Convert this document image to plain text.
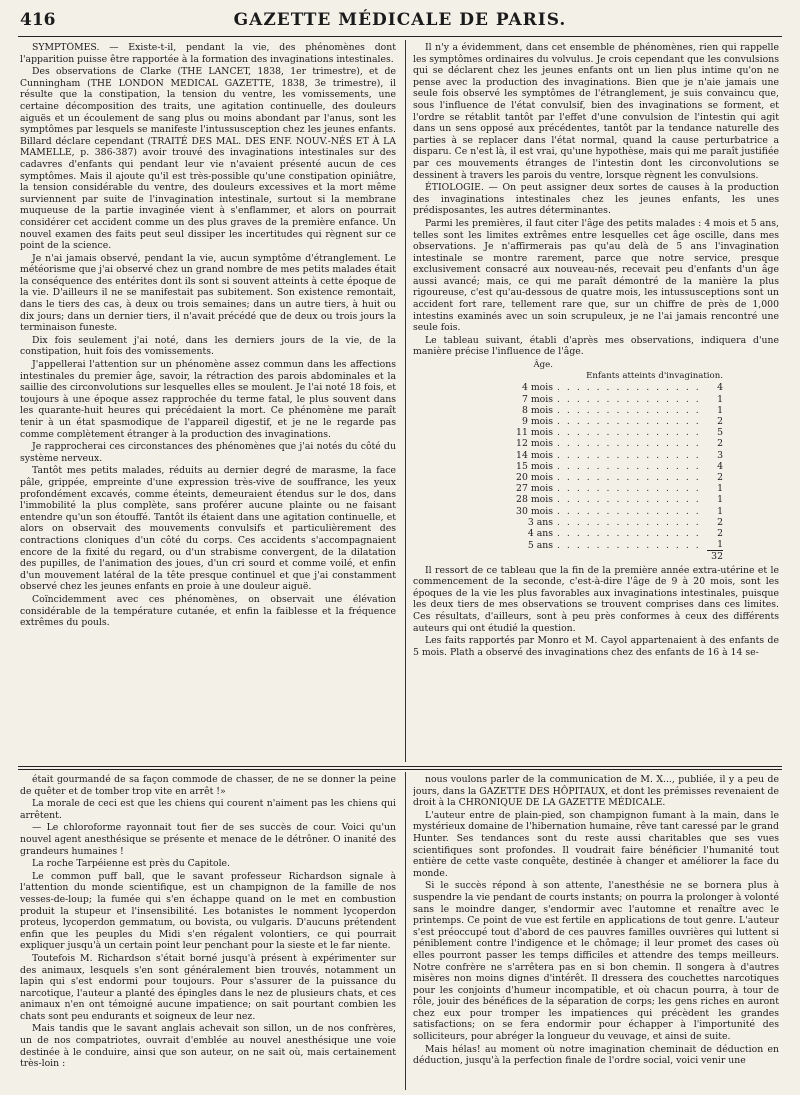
416	GAZETTE MÉDICALE DE PARIS.

SYMPTÔMES. — Existe-t-il, pendant la vie, des phénomènes dont l'apparition puisse être rapportée à la formation des invaginations intestinales.

Des observations de Clarke (THE LANCET, 1838, 1er trimestre), et de Cunningham (THE LONDON MEDICAL GAZETTE, 1838, 3e trimestre), il résulte que la constipation, la tension du ventre, les vomissements, une certaine décomposition des traits, une agitation continuelle, des douleurs aiguës et un écoulement de sang plus ou moins abondant par l'anus, sont les symptômes par lesquels se manifeste l'intussusception chez les jeunes enfants. Billard déclare cependant (TRAITÉ DES MAL. DES ENF. NOUV.-NÉS ET À LA MAMELLE, p. 386-387) avoir trouvé des invaginations intestinales sur des cadavres d'enfants qui pendant leur vie n'avaient présenté aucun de ces symptômes. Mais il ajoute qu'il est très-possible qu'une constipation opiniâtre, la tension considérable du ventre, des douleurs excessives et la mort même surviennent par suite de l'invagination intestinale, surtout si la membrane muqueuse de la partie invaginée vient à s'enflammer, et alors on pourrait considérer cet accident comme un des plus graves de la première enfance. Un nouvel examen des faits peut seul dissiper les incertitudes qui règnent sur ce point de la science.

Je n'ai jamais observé, pendant la vie, aucun symptôme d'étranglement. Le météorisme que j'ai observé chez un grand nombre de mes petits malades était la conséquence des entérites dont ils sont si souvent atteints à cette époque de la vie. D'ailleurs il ne se manifestait pas subitement. Son existence remontait, dans le tiers des cas, à deux ou trois semaines; dans un autre tiers, à huit ou dix jours; dans un dernier tiers, il n'avait précédé que de deux ou trois jours la terminaison funeste.

Dix fois seulement j'ai noté, dans les derniers jours de la vie, de la constipation, huit fois des vomissements.

J'appellerai l'attention sur un phénomène assez commun dans les affections intestinales du premier âge, savoir, la rétraction des parois abdominales et la saillie des circonvolutions sur lesquelles elles se moulent. Je l'ai noté 18 fois, et toujours à une époque assez rapprochée du terme fatal, le plus souvent dans les quarante-huit heures qui précédaient la mort. Ce phénomène me paraît tenir à un état spasmodique de l'appareil digestif, et je ne le regarde pas comme complètement étranger à la production des invaginations.

Je rapprocherai ces circonstances des phénomènes que j'ai notés du côté du système nerveux.

Tantôt mes petits malades, réduits au dernier degré de marasme, la face pâle, grippée, empreinte d'une expression très-vive de souffrance, les yeux profondément excavés, comme éteints, demeuraient étendus sur le dos, dans l'immobilité la plus complète, sans proférer aucune plainte ou ne faisant entendre qu'un son étouffé. Tantôt ils étaient dans une agitation continuelle, et alors on observait des mouvements convulsifs et particulièrement des contractions cloniques d'un côté du corps. Ces accidents s'accompagnaient encore de la fixité du regard, ou d'un strabisme convergent, de la dilatation des pupilles, de l'animation des joues, d'un cri sourd et comme voilé, et enfin d'un mouvement latéral de la tête presque continuel et que j'ai constamment observé chez les jeunes enfants en proie à une douleur aiguë.

Coïncidemment avec ces phénomènes, on observait une élévation considérable de la température cutanée, et enfin la faiblesse et la fréquence extrêmes du pouls.

Il n'y a évidemment, dans cet ensemble de phénomènes, rien qui rappelle les symptômes ordinaires du volvulus. Je crois cependant que les convulsions qui se déclarent chez les jeunes enfants ont un lien plus intime qu'on ne pense avec la production des invaginations. Bien que je n'aie jamais une seule fois observé les symptômes de l'étranglement, je suis convaincu que, sous l'influence de l'état convulsif, bien des invaginations se forment, et l'ordre se rétablit tantôt par l'effet d'une convulsion de l'intestin qui agit dans un sens opposé aux précédentes, tantôt par la tendance naturelle des parties à se replacer dans l'état normal, quand la cause perturbatrice a disparu. Ce n'est là, il est vrai, qu'une hypothèse, mais qui me paraît justifiée par ces mouvements étranges de l'intestin dont les circonvolutions se dessinent à travers les parois du ventre, lorsque règnent les convulsions.

ÉTIOLOGIE. — On peut assigner deux sortes de causes à la production des invaginations intestinales chez les jeunes enfants, les unes prédisposantes, les autres déterminantes.

Parmi les premières, il faut citer l'âge des petits malades : 4 mois et 5 ans, telles sont les limites extrêmes entre lesquelles cet âge oscille, dans mes observations. Je n'affirmerais pas qu'au delà de 5 ans l'invagination intestinale se montre rarement, parce que notre service, presque exclusivement consacré aux nouveau-nés, recevait peu d'enfants d'un âge aussi avancé; mais, ce qui me paraît démontré de la manière la plus rigoureuse, c'est qu'au-dessous de quatre mois, les intussusceptions sont un accident fort rare, tellement rare que, sur un chiffre de près de 1,000 intestins examinés avec un soin scrupuleux, je ne l'ai jamais rencontré une seule fois.

Le tableau suivant, établi d'après mes observations, indiquera d'une manière précise l'influence de l'âge.

Âge.		
	Enfants atteints d'invagination.	
4 mois	. . . . . . . . . . . . . . .	4
7 mois	. . . . . . . . . . . . . . .	1
8 mois	. . . . . . . . . . . . . . .	1
9 mois	. . . . . . . . . . . . . . .	2
11 mois	. . . . . . . . . . . . . . .	5
12 mois	. . . . . . . . . . . . . . .	2
14 mois	. . . . . . . . . . . . . . .	3
15 mois	. . . . . . . . . . . . . . .	4
20 mois	. . . . . . . . . . . . . . .	2
27 mois	. . . . . . . . . . . . . . .	1
28 mois	. . . . . . . . . . . . . . .	1
30 mois	. . . . . . . . . . . . . . .	1
3 ans	. . . . . . . . . . . . . . .	2
4 ans	. . . . . . . . . . . . . . .	2
5 ans	. . . . . . . . . . . . . . .	1
		32

Il ressort de ce tableau que la fin de la première année extra-utérine et le commencement de la seconde, c'est-à-dire l'âge de 9 à 20 mois, sont les époques de la vie les plus favorables aux invaginations intestinales, puisque les deux tiers de mes observations se trouvent comprises dans ces limites. Ces résultats, d'ailleurs, sont à peu près conformes à ceux des différents auteurs qui ont étudié la question.

Les faits rapportés par Monro et M. Cayol appartenaient à des enfants de 5 mois. Plath a observé des invaginations chez des enfants de 16 à 14 se-

était gourmandé de sa façon commode de chasser, de ne se donner la peine de quêter et de tomber trop vite en arrêt !»

La morale de ceci est que les chiens qui courent n'aiment pas les chiens qui arrêtent.

— Le chloroforme rayonnait tout fier de ses succès de cour. Voici qu'un nouvel agent anesthésique se présente et menace de le détrôner. O inanité des grandeurs humaines !

La roche Tarpéienne est près du Capitole.

Le common puff ball, que le savant professeur Richardson signale à l'attention du monde scientifique, est un champignon de la famille de nos vesses-de-loup; la fumée qui s'en échappe quand on le met en combustion produit la stupeur et l'insensibilité. Les botanistes le nomment lycoperdon proteus, lycoperdon gemmatum, ou bovista, ou vulgaris. D'aucuns prétendent enfin que les peuples du Midi s'en régalent volontiers, ce qui pourrait expliquer jusqu'à un certain point leur penchant pour la sieste et le far niente.

Toutefois M. Richardson s'était borné jusqu'à présent à expérimenter sur des animaux, lesquels s'en sont généralement bien trouvés, notamment un lapin qui s'est endormi pour toujours. Pour s'assurer de la puissance du narcotique, l'auteur a planté des épingles dans le nez de plusieurs chats, et ces animaux n'en ont témoigné aucune impatience; on sait pourtant combien les chats sont peu endurants et soigneux de leur nez.

Mais tandis que le savant anglais achevait son sillon, un de nos confrères, un de nos compatriotes, ouvrait d'emblée au nouvel anesthésique une voie destinée à le conduire, ainsi que son auteur, on ne sait où, mais certainement très-loin :

nous voulons parler de la communication de M. X..., publiée, il y a peu de jours, dans la GAZETTE DES HÔPITAUX, et dont les prémisses revenaient de droit à la CHRONIQUE DE LA GAZETTE MÉDICALE.

L'auteur entre de plain-pied, son champignon fumant à la main, dans le mystérieux domaine de l'hibernation humaine, rêve tant caressé par le grand Hunter. Ses tendances sont du reste aussi charitables que ses vues scientifiques sont profondes. Il voudrait faire bénéficier l'humanité tout entière de cette vaste conquête, destinée à changer et améliorer la face du monde.

Si le succès répond à son attente, l'anesthésie ne se bornera plus à suspendre la vie pendant de courts instants; on pourra la prolonger à volonté sans le moindre danger, s'endormir avec l'automne et renaître avec le printemps. Ce point de vue est fertile en applications de tout genre. L'auteur s'est préoccupé tout d'abord de ces pauvres familles ouvrières qui luttent si péniblement contre l'indigence et le chômage; il leur promet des cases où elles pourront passer les temps difficiles et attendre des temps meilleurs. Notre confrère ne s'arrêtera pas en si bon chemin. Il songera à d'autres misères non moins dignes d'intérêt. Il dressera des couchettes narcotiques pour les conjoints d'humeur incompatible, et où chacun pourra, à tour de rôle, jouir des bénéfices de la séparation de corps; les gens riches en auront chez eux pour tromper les impatiences qui précèdent les grandes satisfactions; on se fera endormir pour échapper à l'importunité des solliciteurs, pour abréger la longueur du veuvage, et ainsi de suite.

Mais hélas! au moment où notre imagination cheminait de déduction en déduction, jusqu'à la perfection finale de l'ordre social, voici venir une
